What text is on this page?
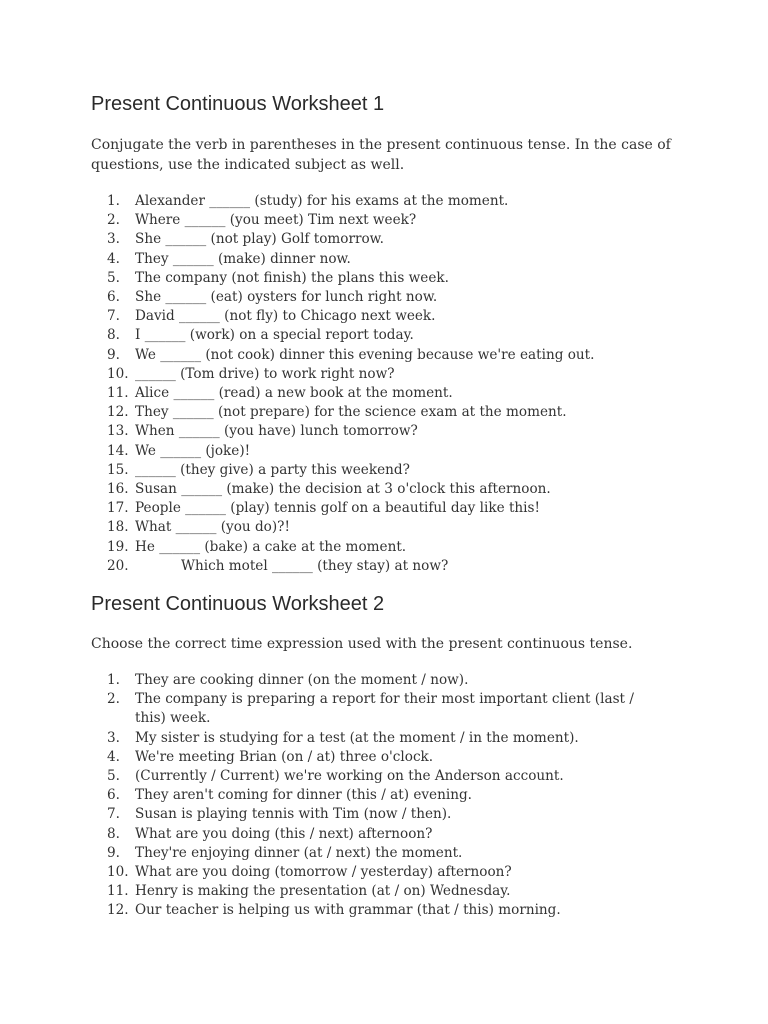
Present Continuous Worksheet 1

Conjugate the verb in parentheses in the present continuous tense. In the case of questions, use the indicated subject as well.

1.	Alexander ______ (study) for his exams at the moment.
2.	Where ______ (you meet) Tim next week?
3.	She ______ (not play) Golf tomorrow.
4.	They ______ (make) dinner now.
5.	The company (not finish) the plans this week.
6.	She ______ (eat) oysters for lunch right now.
7.	David ______ (not fly) to Chicago next week.
8.	I ______ (work) on a special report today.
9.	We ______ (not cook) dinner this evening because we're eating out.
10. ______ (Tom drive) to work right now?
11. Alice ______ (read) a new book at the moment.
12. They ______ (not prepare) for the science exam at the moment.
13. When ______ (you have) lunch tomorrow?
14. We ______ (joke)!
15. ______ (they give) a party this weekend?
16. Susan ______ (make) the decision at 3 o'clock this afternoon.
17. People ______ (play) tennis golf on a beautiful day like this!
18. What ______ (you do)?!
19. He ______ (bake) a cake at the moment.
20.	Which motel ______ (they stay) at now?
Present Continuous Worksheet 2

Choose the correct time expression used with the present continuous tense.

1.	They are cooking dinner (on the moment / now).
2.	The company is preparing a report for their most important client (last / this) week.
3.	My sister is studying for a test (at the moment / in the moment).
4.	We're meeting Brian (on / at) three o'clock.
5.	(Currently / Current) we're working on the Anderson account.
6.	They aren't coming for dinner (this / at) evening.
7.	Susan is playing tennis with Tim (now / then).
8.	What are you doing (this / next) afternoon?
9.	They're enjoying dinner (at / next) the moment.
10. What are you doing (tomorrow / yesterday) afternoon?
11. Henry is making the presentation (at / on) Wednesday.
12. Our teacher is helping us with grammar (that / this) morning.
